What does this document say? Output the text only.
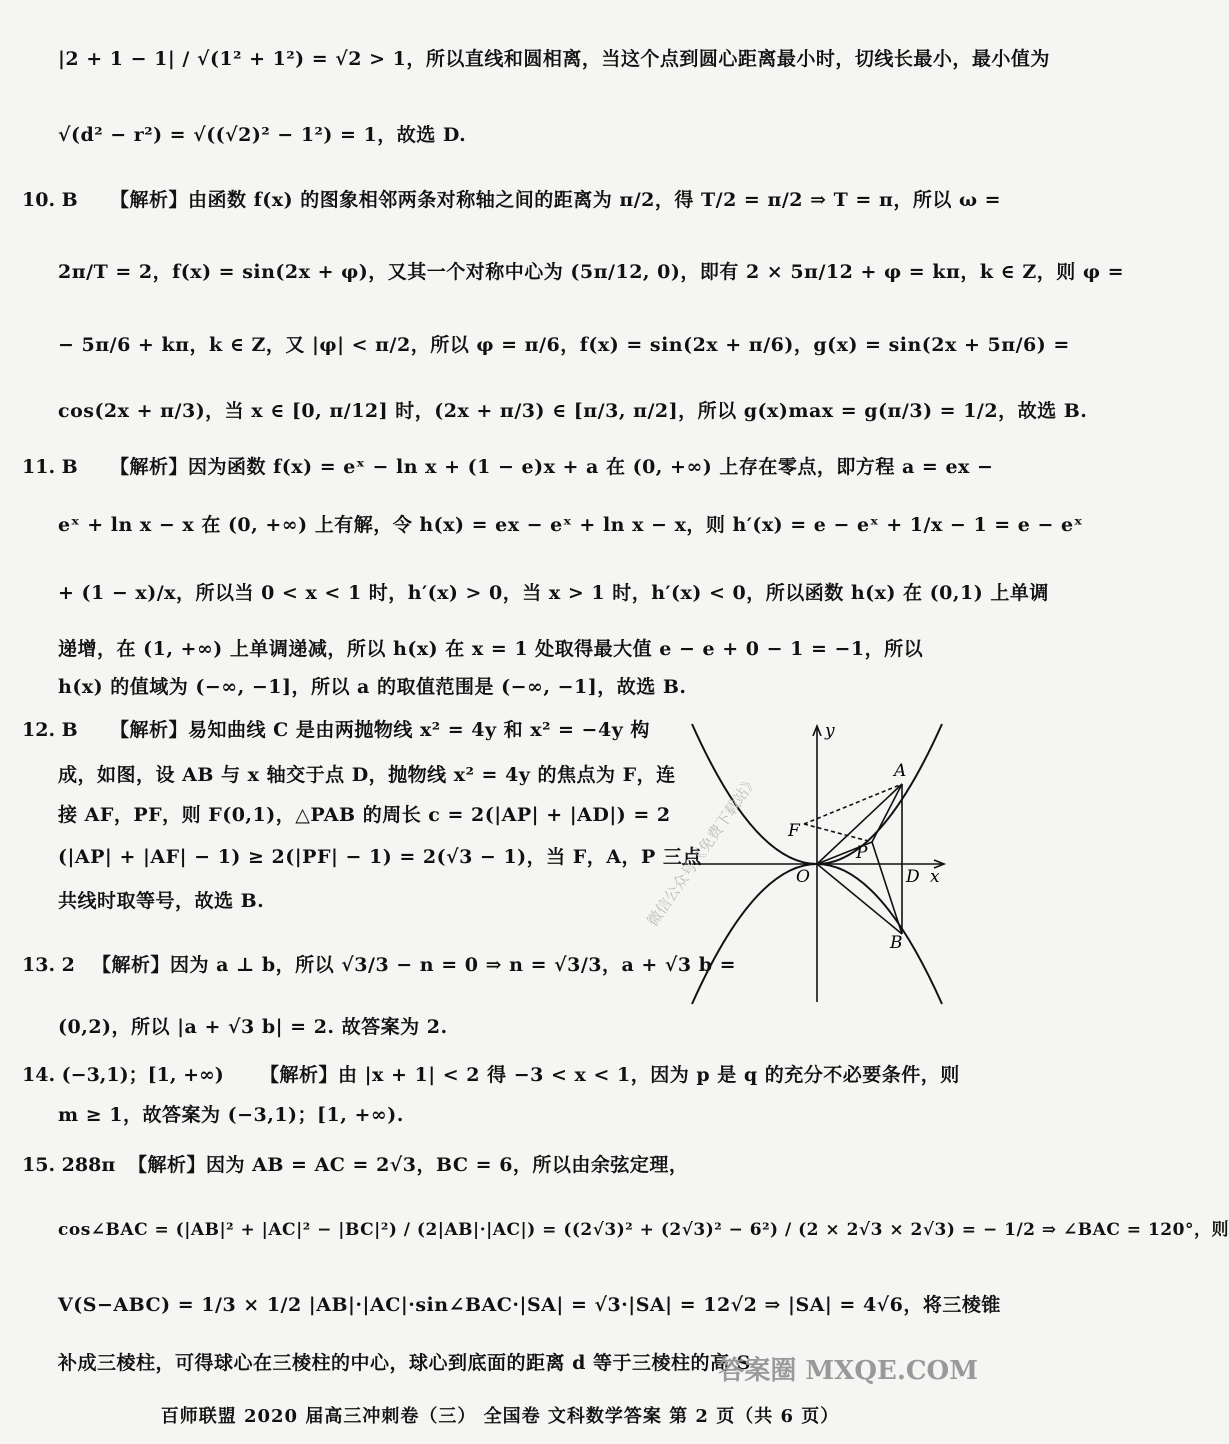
|2 + 1 − 1| / √(1² + 1²) = √2 > 1，所以直线和圆相离，当这个点到圆心距离最小时，切线长最小，最小值为
√(d² − r²) = √((√2)² − 1²) = 1，故选 D.
10. B 【解析】由函数 f(x) 的图象相邻两条对称轴之间的距离为 π/2，得 T/2 = π/2 ⇒ T = π，所以 ω =
2π/T = 2，f(x) = sin(2x + φ)，又其一个对称中心为 (5π/12, 0)，即有 2 × 5π/12 + φ = kπ，k ∈ Z，则 φ =
− 5π/6 + kπ，k ∈ Z，又 |φ| < π/2，所以 φ = π/6，f(x) = sin(2x + π/6)，g(x) = sin(2x + 5π/6) =
cos(2x + π/3)，当 x ∈ [0, π/12] 时，(2x + π/3) ∈ [π/3, π/2]，所以 g(x)max = g(π/3) = 1/2，故选 B.
11. B 【解析】因为函数 f(x) = eˣ − ln x + (1 − e)x + a 在 (0, +∞) 上存在零点，即方程 a = ex −
eˣ + ln x − x 在 (0, +∞) 上有解，令 h(x) = ex − eˣ + ln x − x，则 h′(x) = e − eˣ + 1/x − 1 = e − eˣ
+ (1 − x)/x，所以当 0 < x < 1 时，h′(x) > 0，当 x > 1 时，h′(x) < 0，所以函数 h(x) 在 (0,1) 上单调
递增，在 (1, +∞) 上单调递减，所以 h(x) 在 x = 1 处取得最大值 e − e + 0 − 1 = −1，所以
h(x) 的值域为 (−∞, −1]，所以 a 的取值范围是 (−∞, −1]，故选 B.
12. B 【解析】易知曲线 C 是由两抛物线 x² = 4y 和 x² = −4y 构
成，如图，设 AB 与 x 轴交于点 D，抛物线 x² = 4y 的焦点为 F，连
接 AF，PF，则 F(0,1)，△PAB 的周长 c = 2(|AP| + |AD|) = 2
(|AP| + |AF| − 1) ≥ 2(|PF| − 1) = 2(√3 − 1)，当 F，A，P 三点
共线时取等号，故选 B.
y
x
O
A
B
D
F
P
微信公众号《免费下载站》
13. 2 【解析】因为 a ⊥ b，所以 √3/3 − n = 0 ⇒ n = √3/3，a + √3 b =
(0,2)，所以 |a + √3 b| = 2. 故答案为 2.
14. (−3,1)；[1, +∞) 【解析】由 |x + 1| < 2 得 −3 < x < 1，因为 p 是 q 的充分不必要条件，则
m ≥ 1，故答案为 (−3,1)；[1, +∞).
15. 288π 【解析】因为 AB = AC = 2√3，BC = 6，所以由余弦定理，
cos∠BAC = (|AB|² + |AC|² − |BC|²) / (2|AB|·|AC|) = ((2√3)² + (2√3)² − 6²) / (2 × 2√3 × 2√3) = − 1/2 ⇒ ∠BAC = 120°，则
V(S−ABC) = 1/3 × 1/2 |AB|·|AC|·sin∠BAC·|SA| = √3·|SA| = 12√2 ⇒ |SA| = 4√6，将三棱锥
补成三棱柱，可得球心在三棱柱的中心，球心到底面的距离 d 等于三棱柱的高 S
答案圈 MXQE.COM
百师联盟 2020 届高三冲刺卷（三） 全国卷 文科数学答案 第 2 页（共 6 页）
